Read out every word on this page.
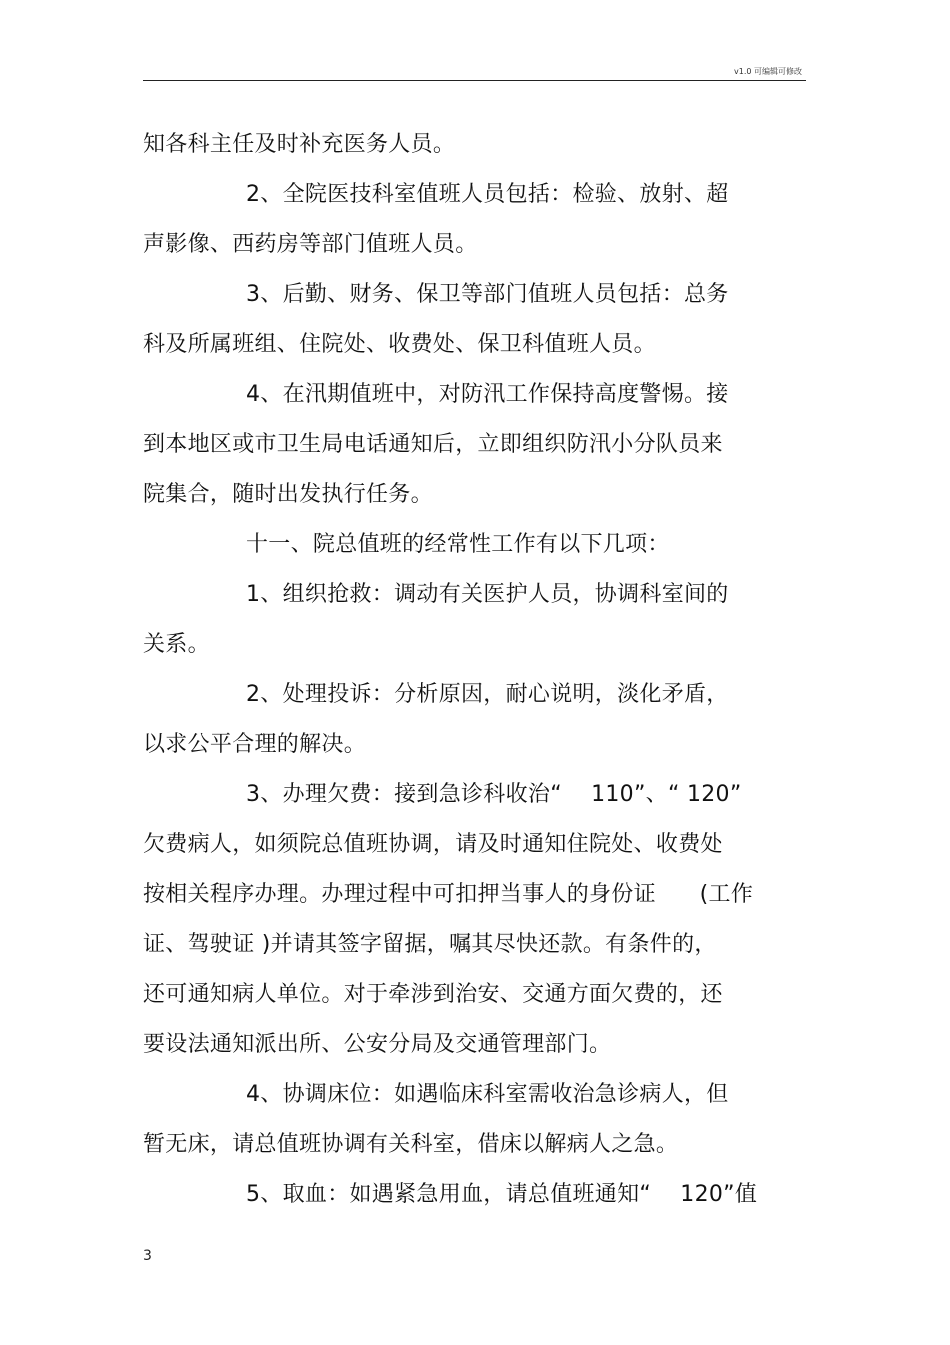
v1.0 可编辑可修改
知各科主任及时补充医务人员。
2、全院医技科室值班人员包括：检验、放射、超
声影像、西药房等部门值班人员。
3、后勤、财务、保卫等部门值班人员包括：总务
科及所属班组、住院处、收费处、保卫科值班人员。
4、在汛期值班中，对防汛工作保持高度警惕。接
到本地区或市卫生局电话通知后，立即组织防汛小分队员来
院集合，随时出发执行任务。
十一、院总值班的经常性工作有以下几项：
1、组织抢救：调动有关医护人员，协调科室间的
关系。
2、处理投诉：分析原因，耐心说明，淡化矛盾，
以求公平合理的解决。
3、办理欠费：接到急诊科收治“    110”、“ 120”
欠费病人，如须院总值班协调，请及时通知住院处、收费处
按相关程序办理。办理过程中可扣押当事人的身份证      (工作
证、驾驶证 )并请其签字留据，嘱其尽快还款。有条件的，
还可通知病人单位。对于牵涉到治安、交通方面欠费的，还
要设法通知派出所、公安分局及交通管理部门。
4、协调床位：如遇临床科室需收治急诊病人，但
暂无床，请总值班协调有关科室，借床以解病人之急。
5、取血：如遇紧急用血，请总值班通知“    120”值
3
